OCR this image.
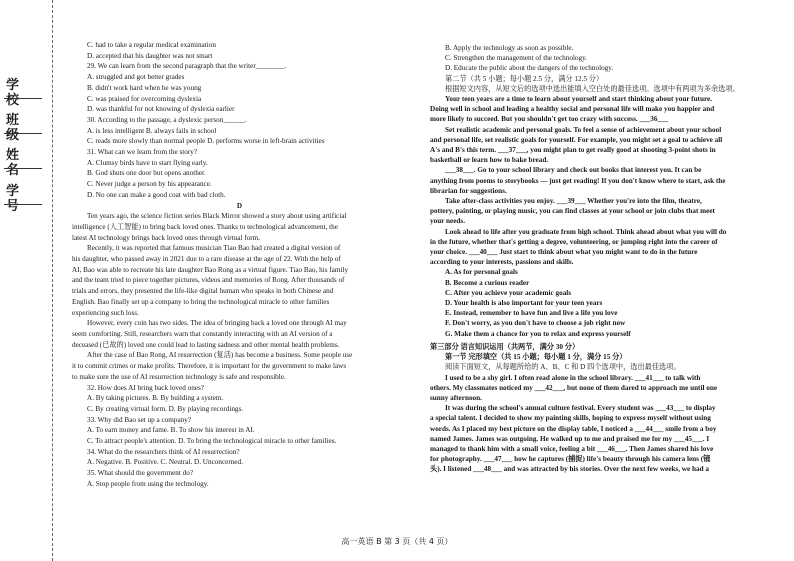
学 校
班 级
姓 名
学 号

C. had to take a regular medical examination

D. accepted that his daughter was not smart

29. We can learn from the second paragraph that the writer________.

A. struggled and got better grades

B. didn't work hard when he was young

C. was praised for overcoming dyslexia

D. was thankful for not knowing of dyslexia earlier

30. According to the passage, a dyslexic person______.

A. is less intelligent B. always fails in school

C. reads more slowly than normal people D. performs worse in left-brain activities

31. What can we learn from the story?

A. Clumsy birds have to start flying early.

B. God shuts one door but opens another.

C. Never judge a person by his appearance.

D. No one can make a good coat with bad cloth.

D

Ten years ago, the science fiction series Black Mirror showed a story about using artificial

intelligence (人工智能) to bring back loved ones. Thanks to technological advancement, the

latest AI technology brings back loved ones through virtual form.

Recently, it was reported that famous musician Tiao Bao had created a digital version of

his daughter, who passed away in 2021 due to a rare disease at the age of 22. With the help of

AI, Bao was able to recreate his late daughter Bao Rong as a virtual figure. Tiao Bao, his family

and the team tried to piece together pictures, videos and memories of Rong. After thousands of

trials and errors, they presented the life-like digital human who speaks in both Chinese and

English. Bao finally set up a company to bring the technological miracle to other families

experiencing such loss.

However, every coin has two sides. The idea of bringing back a loved one through AI may

seem comforting. Still, researchers warn that constantly interacting with an AI version of a

deceased (已故的) loved one could lead to lasting sadness and other mental health problems.

After the case of Bao Rong, AI resurrection (复活) has become a business. Some people use

it to commit crimes or make profits. Therefore, it is important for the government to make laws

to make sure the use of AI resurrection technology is safe and responsible.

32. How does AI bring back loved ones?

A. By taking pictures. B. By building a system.

C. By creating virtual form. D. By playing recordings.

33. Why did Bao set up a company?

A. To earn money and fame. B. To show his interest in AI.

C. To attract people's attention. D. To bring the technological miracle to other families.

34. What do the researchers think of AI resurrection?

A. Negative. B. Positive. C. Neutral. D. Unconcerned.

35. What should the government do?

A. Stop people from using the technology.

B. Apply the technology as soon as possible.

C. Strengthen the management of the technology.

D. Educate the public about the dangers of the technology.

第二节（共 5 小题；每小题 2.5 分，满分 12.5 分）

根据短文内容，从短文后的选项中选出能填入空白处的最佳选项。选项中有两项为多余选项。

Your teen years are a time to learn about yourself and start thinking about your future.

Doing well in school and leading a healthy social and personal life will make you happier and

more likely to succeed. But you shouldn't get too crazy with success. ___36___

Set realistic academic and personal goals. To feel a sense of achievement about your school

and personal life, set realistic goals for yourself. For example, you might set a goal to achieve all

A's and B's this term. ___37___, you might plan to get really good at shooting 3-point shots in

basketball or learn how to bake bread.

___38___. Go to your school library and check out books that interest you. It can be

anything from poems to storybooks — just get reading! If you don't know where to start, ask the

librarian for suggestions.

Take after-class activities you enjoy. ___39___ Whether you're into the film, theatre,

pottery, painting, or playing music, you can find classes at your school or join clubs that meet

your needs.

Look ahead to life after you graduate from high school. Think ahead about what you will do

in the future, whether that's getting a degree, volunteering, or jumping right into the career of

your choice. ___40___ Just start to think about what you might want to do in the future

according to your interests, passions and skills.

A. As for personal goals

B. Become a curious reader

C. After you achieve your academic goals

D. Your health is also important for your teen years

E. Instead, remember to have fun and live a life you love

F. Don't worry, as you don't have to choose a job right now

G. Make them a chance for you to relax and express yourself

第三部分 语言知识运用（共两节，满分 30 分）

第一节 完形填空（共 15 小题；每小题 1 分，满分 15 分）

阅读下面短文，从每题所给的 A、B、C 和 D 四个选项中，选出最佳选项。

I used to be a shy girl. I often read alone in the school library. ___41___ to talk with

others. My classmates noticed my ___42___, but none of them dared to approach me until one

sunny afternoon.

It was during the school's annual culture festival. Every student was ___43___ to display

a special talent. I decided to show my painting skills, hoping to express myself without using

words. As I placed my best picture on the display table, I noticed a ___44___ smile from a boy

named James. James was outgoing. He walked up to me and praised me for my ___45___. I

managed to thank him with a small voice, feeling a bit ___46___. Then James shared his love

for photography. ___47___ how he captures (捕捉) life's beauty through his camera lens (镜

头). I listened ___48___ and was attracted by his stories. Over the next few weeks, we had a

高一英语 B 第 3 页（共 4 页）
